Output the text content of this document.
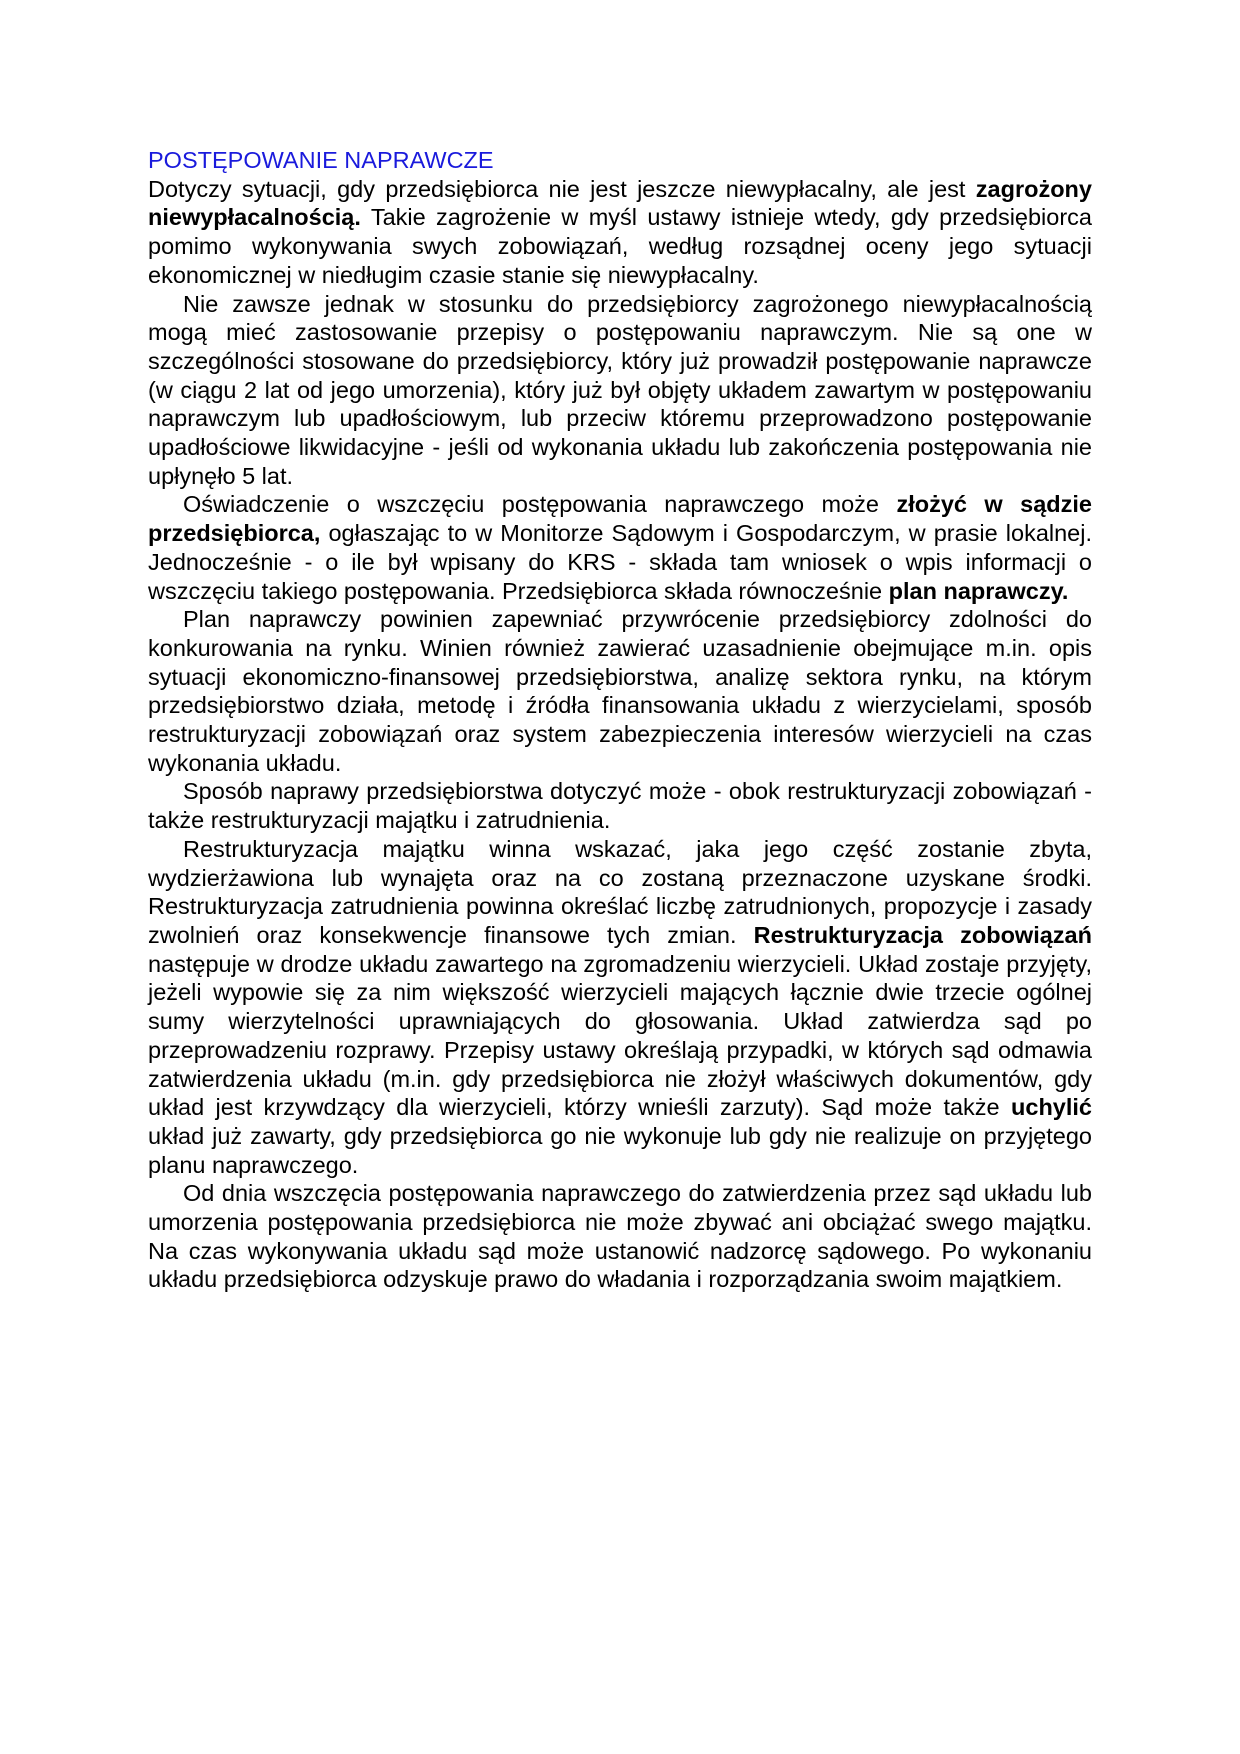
POSTĘPOWANIE NAPRAWCZE

Dotyczy sytuacji, gdy przedsiębiorca nie jest jeszcze niewypłacalny, ale jest zagrożony niewypłacalnością. Takie zagrożenie w myśl ustawy istnieje wtedy, gdy przedsiębiorca pomimo wykonywania swych zobowiązań, według rozsądnej oceny jego sytuacji ekonomicznej w niedługim czasie stanie się niewypłacalny.

Nie zawsze jednak w stosunku do przedsiębiorcy zagrożonego niewypłacalnością mogą mieć zastosowanie przepisy o postępowaniu naprawczym. Nie są one w szczególności stosowane do przedsiębiorcy, który już prowadził postępowanie naprawcze (w ciągu 2 lat od jego umorzenia), który już był objęty układem zawartym w postępowaniu naprawczym lub upadłościowym, lub przeciw któremu przeprowadzono postępowanie upadłościowe likwidacyjne - jeśli od wykonania układu lub zakończenia postępowania nie upłynęło 5 lat.

Oświadczenie o wszczęciu postępowania naprawczego może złożyć w sądzie przedsiębiorca, ogłaszając to w Monitorze Sądowym i Gospodarczym, w prasie lokalnej. Jednocześnie - o ile był wpisany do KRS - składa tam wniosek o wpis informacji o wszczęciu takiego postępowania. Przedsiębiorca składa równocześnie plan naprawczy.

Plan naprawczy powinien zapewniać przywrócenie przedsiębiorcy zdolności do konkurowania na rynku. Winien również zawierać uzasadnienie obejmujące m.in. opis sytuacji ekonomiczno-finansowej przedsiębiorstwa, analizę sektora rynku, na którym przedsiębiorstwo działa, metodę i źródła finansowania układu z wierzycielami, sposób restrukturyzacji zobowiązań oraz system zabezpieczenia interesów wierzycieli na czas wykonania układu.

Sposób naprawy przedsiębiorstwa dotyczyć może - obok restrukturyzacji zobowiązań - także restrukturyzacji majątku i zatrudnienia.

Restrukturyzacja majątku winna wskazać, jaka jego część zostanie zbyta, wydzierżawiona lub wynajęta oraz na co zostaną przeznaczone uzyskane środki. Restrukturyzacja zatrudnienia powinna określać liczbę zatrudnionych, propozycje i zasady zwolnień oraz konsekwencje finansowe tych zmian. Restrukturyzacja zobowiązań następuje w drodze układu zawartego na zgromadzeniu wierzycieli. Układ zostaje przyjęty, jeżeli wypowie się za nim większość wierzycieli mających łącznie dwie trzecie ogólnej sumy wierzytelności uprawniających do głosowania. Układ zatwierdza sąd po przeprowadzeniu rozprawy. Przepisy ustawy określają przypadki, w których sąd odmawia zatwierdzenia układu (m.in. gdy przedsiębiorca nie złożył właściwych dokumentów, gdy układ jest krzywdzący dla wierzycieli, którzy wnieśli zarzuty). Sąd może także uchylić układ już zawarty, gdy przedsiębiorca go nie wykonuje lub gdy nie realizuje on przyjętego planu naprawczego.

Od dnia wszczęcia postępowania naprawczego do zatwierdzenia przez sąd układu lub umorzenia postępowania przedsiębiorca nie może zbywać ani obciążać swego majątku. Na czas wykonywania układu sąd może ustanowić nadzorcę sądowego. Po wykonaniu układu przedsiębiorca odzyskuje prawo do władania i rozporządzania swoim majątkiem.
